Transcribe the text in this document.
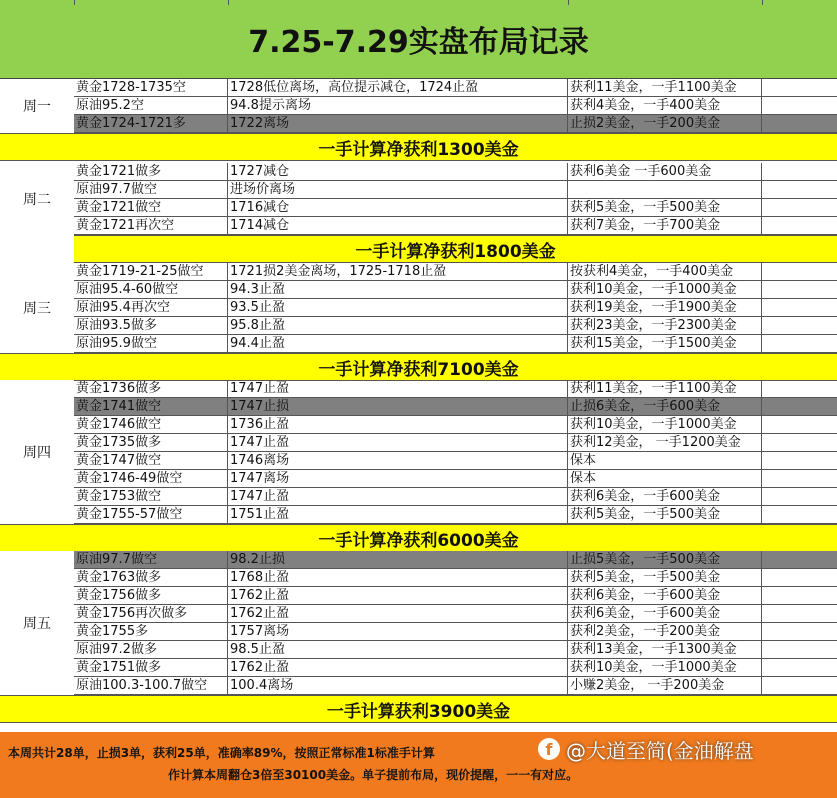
7.25-7.29实盘布局记录
周一
黄金1728-1735空	1728低位离场，高位提示减仓，1724止盈	获利11美金，一手1100美金
原油95.2空	94.8提示离场	获利4美金，一手400美金
黄金1724-1721多	1722离场	止损2美金，一手200美金
一手计算净获利1300美金
周二
黄金1721做多	1727减仓	获利6美金 一手600美金
原油97.7做空	进场价离场
黄金1721做空	1716减仓	获利5美金，一手500美金
黄金1721再次空	1714减仓	获利7美金，一手700美金
一手计算净获利1800美金
周三
黄金1719-21-25做空	1721损2美金离场，1725-1718止盈	按获利4美金，一手400美金
原油95.4-60做空	94.3止盈	获利10美金，一手1000美金
原油95.4再次空	93.5止盈	获利19美金，一手1900美金
原油93.5做多	95.8止盈	获利23美金，一手2300美金
原油95.9做空	94.4止盈	获利15美金，一手1500美金
一手计算净获利7100美金
周四
黄金1736做多	1747止盈	获利11美金，一手1100美金
黄金1741做空	1747止损	止损6美金，一手600美金
黄金1746做空	1736止盈	获利10美金，一手1000美金
黄金1735做多	1747止盈	获利12美金， 一手1200美金
黄金1747做空	1746离场	保本
黄金1746-49做空	1747离场	保本
黄金1753做空	1747止盈	获利6美金，一手600美金
黄金1755-57做空	1751止盈	获利5美金，一手500美金
一手计算净获利6000美金
周五
原油97.7做空	98.2止损	止损5美金，一手500美金
黄金1763做多	1768止盈	获利5美金，一手500美金
黄金1756做多	1762止盈	获利6美金，一手600美金
黄金1756再次做多	1762止盈	获利6美金，一手600美金
黄金1755多	1757离场	获利2美金，一手200美金
原油97.2做多	98.5止盈	获利13美金，一手1300美金
黄金1751做多	1762止盈	获利10美金，一手1000美金
原油100.3-100.7做空	100.4离场	小赚2美金， 一手200美金
一手计算获利3900美金
本周共计28单，止损3单，获利25单，准确率89%，按照正常标准1标准手计算
作计算本周翻仓3倍至30100美金。单子提前布局，现价提醒，一一有对应。
f @大道至简(金油解盘
